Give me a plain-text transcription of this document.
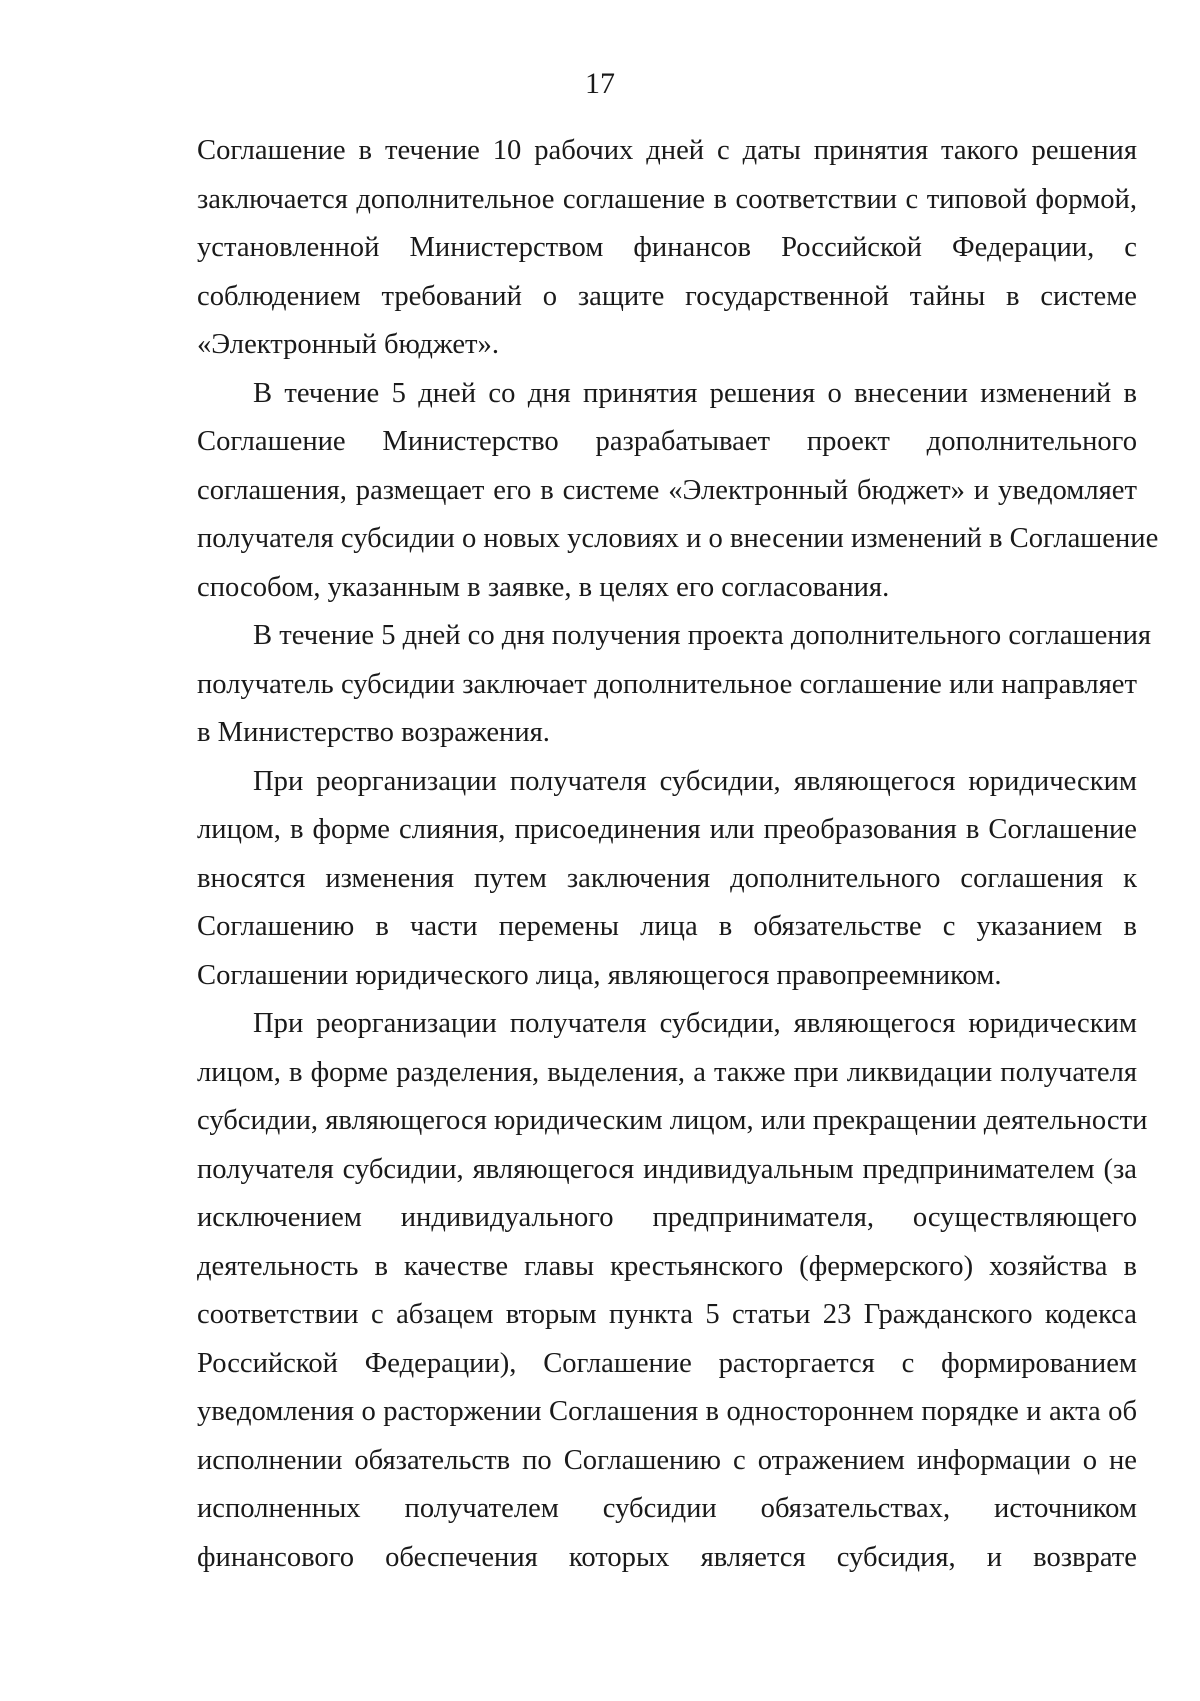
17
Соглашение в течение 10 рабочих дней с даты принятия такого решения
заключается дополнительное соглашение в соответствии с типовой формой,
установленной Министерством финансов Российской Федерации, с
соблюдением требований о защите государственной тайны в системе
«Электронный бюджет».
В течение 5 дней со дня принятия решения о внесении изменений в
Соглашение Министерство разрабатывает проект дополнительного
соглашения, размещает его в системе «Электронный бюджет» и уведомляет
получателя субсидии о новых условиях и о внесении изменений в Соглашение
способом, указанным в заявке, в целях его согласования.
В течение 5 дней со дня получения проекта дополнительного соглашения
получатель субсидии заключает дополнительное соглашение или направляет
в Министерство возражения.
При реорганизации получателя субсидии, являющегося юридическим
лицом, в форме слияния, присоединения или преобразования в Соглашение
вносятся изменения путем заключения дополнительного соглашения к
Соглашению в части перемены лица в обязательстве с указанием в
Соглашении юридического лица, являющегося правопреемником.
При реорганизации получателя субсидии, являющегося юридическим
лицом, в форме разделения, выделения, а также при ликвидации получателя
субсидии, являющегося юридическим лицом, или прекращении деятельности
получателя субсидии, являющегося индивидуальным предпринимателем (за
исключением индивидуального предпринимателя, осуществляющего
деятельность в качестве главы крестьянского (фермерского) хозяйства в
соответствии с абзацем вторым пункта 5 статьи 23 Гражданского кодекса
Российской Федерации), Соглашение расторгается с формированием
уведомления о расторжении Соглашения в одностороннем порядке и акта об
исполнении обязательств по Соглашению с отражением информации о не
исполненных получателем субсидии обязательствах, источником
финансового обеспечения которых является субсидия, и возврате
